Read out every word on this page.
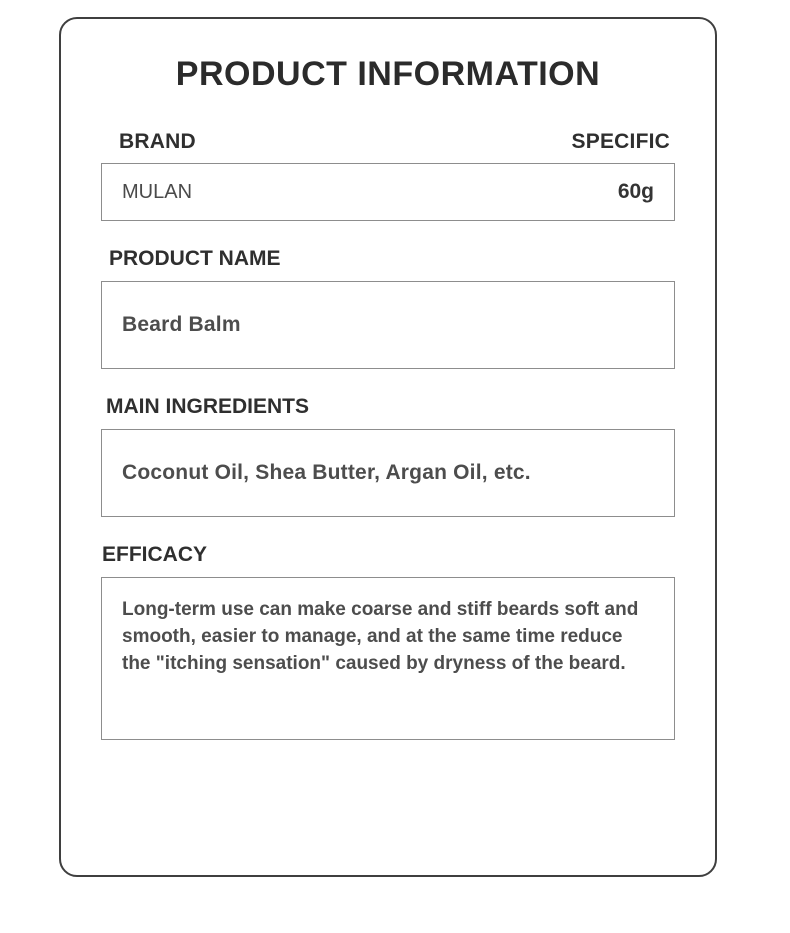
PRODUCT INFORMATION
BRAND	SPECIFIC
MULAN	60g
PRODUCT NAME
Beard Balm
MAIN INGREDIENTS
Coconut Oil, Shea Butter, Argan Oil, etc.
EFFICACY
Long-term use can make coarse and stiff beards soft and smooth, easier to manage, and at the same time reduce the "itching sensation" caused by dryness of the beard.
